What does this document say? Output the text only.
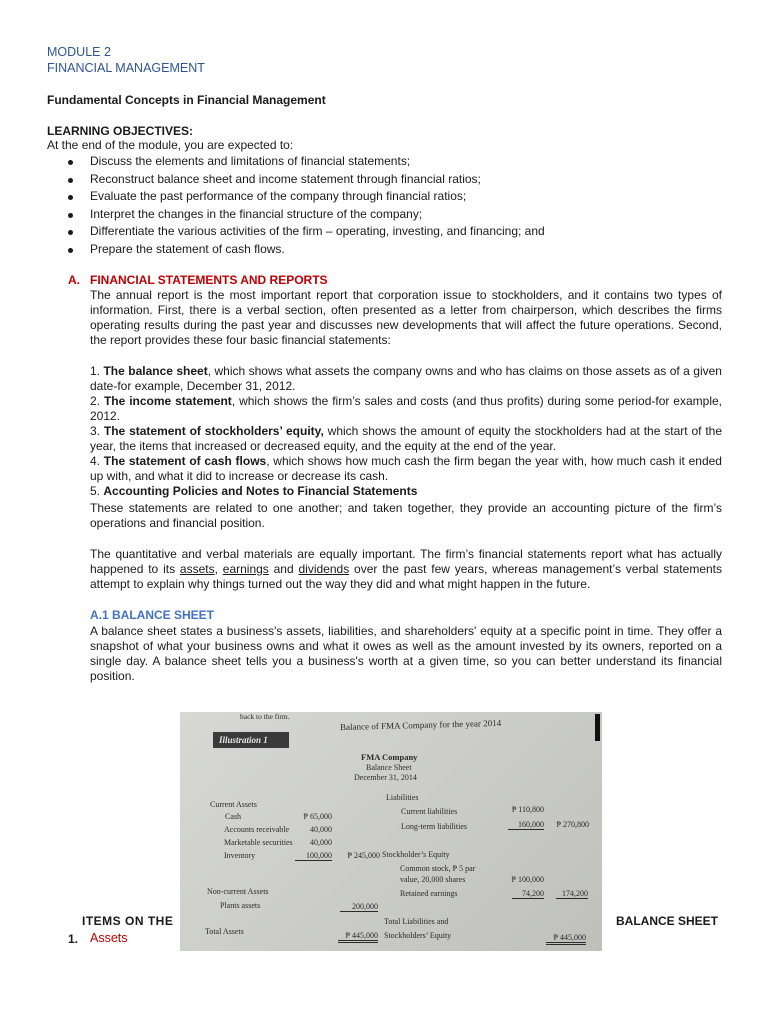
MODULE 2
FINANCIAL MANAGEMENT
Fundamental Concepts in Financial Management
LEARNING OBJECTIVES:
At the end of the module, you are expected to:
Discuss the elements and limitations of financial statements;
Reconstruct balance sheet and income statement through financial ratios;
Evaluate the past performance of the company through financial ratios;
Interpret the changes in the financial structure of the company;
Differentiate the various activities of the firm – operating, investing, and financing; and
Prepare the statement of cash flows.
A. FINANCIAL STATEMENTS AND REPORTS

The annual report is the most important report that corporation issue to stockholders, and it contains two types of information. First, there is a verbal section, often presented as a letter from chairperson, which describes the firms operating results during the past year and discusses new developments that will affect the future operations. Second, the report provides these four basic financial statements:

1. The balance sheet, which shows what assets the company owns and who has claims on those assets as of a given date-for example, December 31, 2012.

2. The income statement, which shows the firm’s sales and costs (and thus profits) during some period-for example, 2012.

3. The statement of stockholders’ equity, which shows the amount of equity the stockholders had at the start of the year, the items that increased or decreased equity, and the equity at the end of the year.

4. The statement of cash flows, which shows how much cash the firm began the year with, how much cash it ended up with, and what it did to increase or decrease its cash.

5. Accounting Policies and Notes to Financial Statements

These statements are related to one another; and taken together, they provide an accounting picture of the firm’s operations and financial position.

The quantitative and verbal materials are equally important. The firm’s financial statements report what has actually happened to its assets, earnings and dividends over the past few years, whereas management’s verbal statements attempt to explain why things turned out the way they did and what might happen in the future.

A.1 BALANCE SHEET

A balance sheet states a business's assets, liabilities, and shareholders' equity at a specific point in time. They offer a snapshot of what your business owns and what it owes as well as the amount invested by its owners, reported on a single day. A balance sheet tells you a business's worth at a given time, so you can better understand its financial position.

back to the firm.
Illustration 1
Balance of FMA Company for the year 2014
FMA Company
Balance Sheet
December 31, 2014
Current Assets
Cash	₱ 65,000
Accounts receivable	40,000
Marketable securities	40,000
Inventory	100,000	₱ 245,000
Non-current Assets
Plants assets	200,000
Total Assets	₱ 445,000
Liabilities
Current liabilities	₱ 110,800
Long-term liabilities	160,000	₱ 270,800
Stockholder’s Equity
Common stock, ₱ 5 par
value, 20,000 shares	₱ 100,000
Retained earnings	74,200	174,200
Total Liabilities and
Stockholders’ Equity	₱ 445,000
ITEMS ON THE	BALANCE SHEET
1. Assets
